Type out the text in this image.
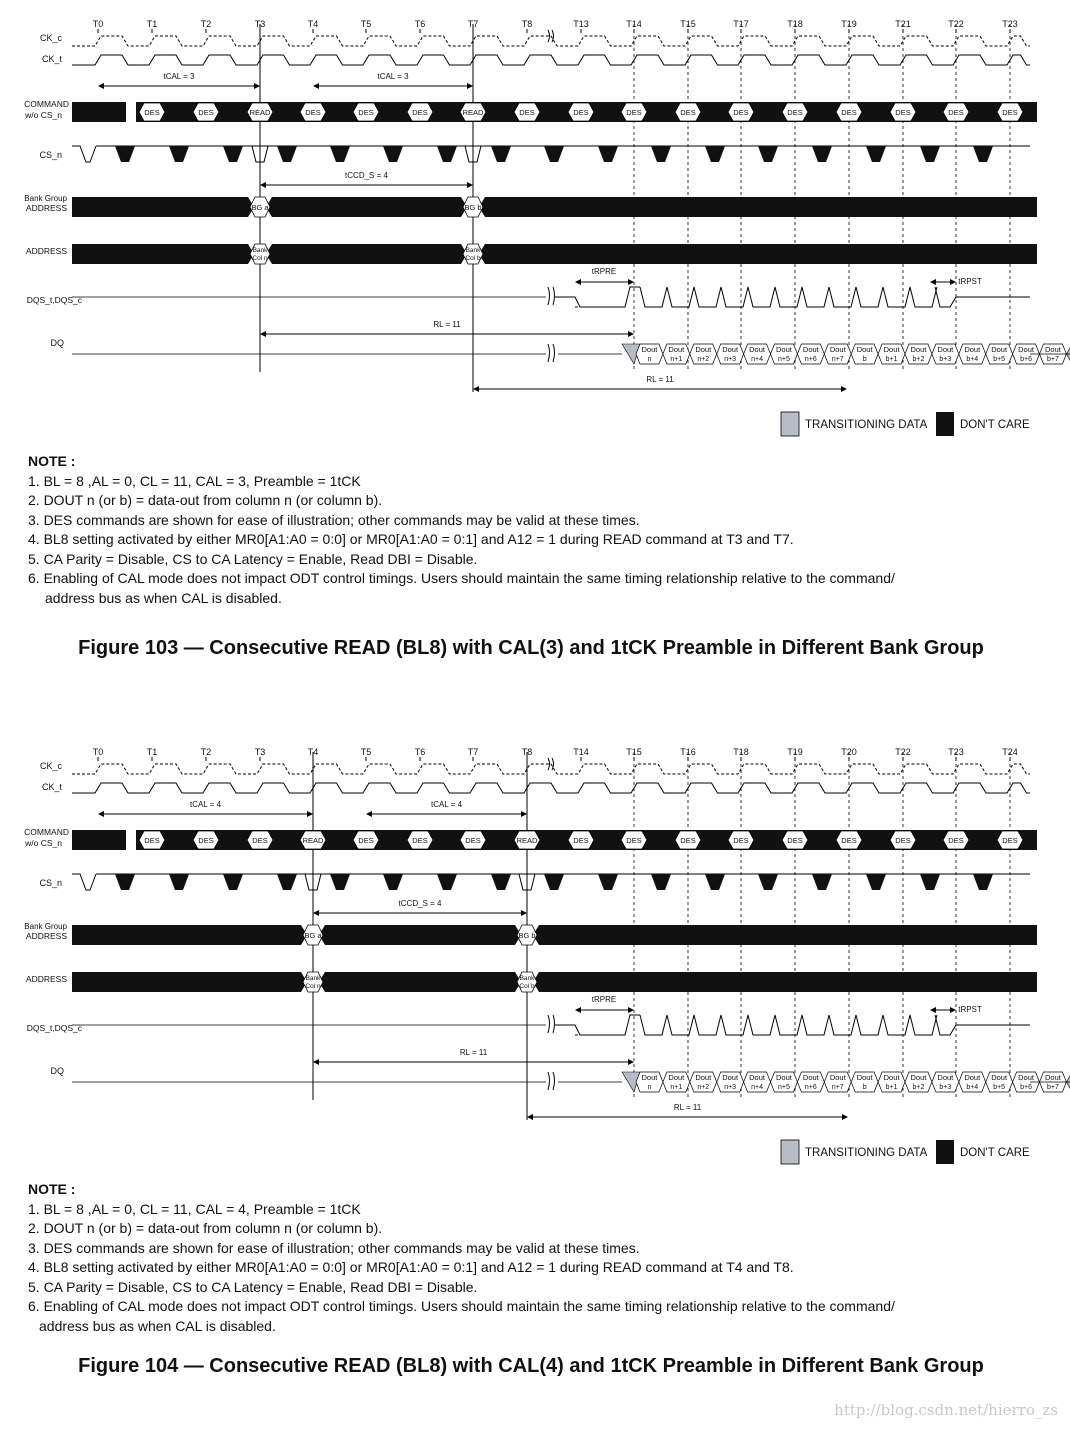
CK_c
CK_t
COMMAND
w/o CS_n
CS_n
Bank Group
ADDRESS
ADDRESS
DQS_t,DQS_c
DQ
T0	T1	T2	T3	T4	T5	T6	T7	T8	T13	T14	T15	T17	T18	T19	T21	T22	T23
tCAL = 3	tCAL = 3
DES	DES	READ	DES	DES	DES	READ	DES	DES	DES	DES	DES	DES	DES	DES	DES	DES
tCCD_S = 4
BG a	BG b
Bank
Col n
Bank
Col b
tRPRE
tRPST
RL = 11
Dout
n
Dout
n+1
Dout
n+2
Dout
n+3
Dout
n+4
Dout
n+5
Dout
n+6
Dout
n+7
Dout
b
Dout
b+1
Dout
b+2
Dout
b+3
Dout
b+4
Dout
b+5
Dout
b+6
Dout
b+7
RL = 11
TRANSITIONING DATA	DON'T CARE
NOTE :
1. BL = 8 ,AL = 0, CL = 11, CAL = 3, Preamble = 1tCK
2. DOUT n (or b) = data-out from column n (or column b).
3. DES commands are shown for ease of illustration; other commands may be valid at these times.
4. BL8 setting activated by either MR0[A1:A0 = 0:0] or MR0[A1:A0 = 0:1] and A12 = 1 during READ command at T3 and T7.
5. CA Parity = Disable, CS to CA Latency = Enable, Read DBI = Disable.
6. Enabling of CAL mode does not impact ODT control timings. Users should maintain the same timing relationship relative to the command/
address bus as when CAL is disabled.
Figure 103 — Consecutive READ (BL8) with CAL(3) and 1tCK Preamble in Different Bank Group
CK_c
CK_t
COMMAND
w/o CS_n
CS_n
Bank Group
ADDRESS
ADDRESS
DQS_t,DQS_c
DQ
T0	T1	T2	T3	T4	T5	T6	T7	T8	T14	T15	T16	T18	T19	T20	T22	T23	T24
tCAL = 4	tCAL = 4
DES	DES	DES	READ	DES	DES	DES	READ	DES	DES	DES	DES	DES	DES	DES	DES	DES
tCCD_S = 4
BG a	BG b
Bank
Col n
Bank
Col b
tRPRE
tRPST
RL = 11
Dout
n
Dout
n+1
Dout
n+2
Dout
n+3
Dout
n+4
Dout
n+5
Dout
n+6
Dout
n+7
Dout
b
Dout
b+1
Dout
b+2
Dout
b+3
Dout
b+4
Dout
b+5
Dout
b+6
Dout
b+7
RL = 11
TRANSITIONING DATA	DON'T CARE
NOTE :
1. BL = 8 ,AL = 0, CL = 11, CAL = 4, Preamble = 1tCK
2. DOUT n (or b) = data-out from column n (or column b).
3. DES commands are shown for ease of illustration; other commands may be valid at these times.
4. BL8 setting activated by either MR0[A1:A0 = 0:0] or MR0[A1:A0 = 0:1] and A12 = 1 during READ command at T4 and T8.
5. CA Parity = Disable, CS to CA Latency = Enable, Read DBI = Disable.
6. Enabling of CAL mode does not impact ODT control timings. Users should maintain the same timing relationship relative to the command/
address bus as when CAL is disabled.
Figure 104 — Consecutive READ (BL8) with CAL(4) and 1tCK Preamble in Different Bank Group
http://blog.csdn.net/hierro_zs
